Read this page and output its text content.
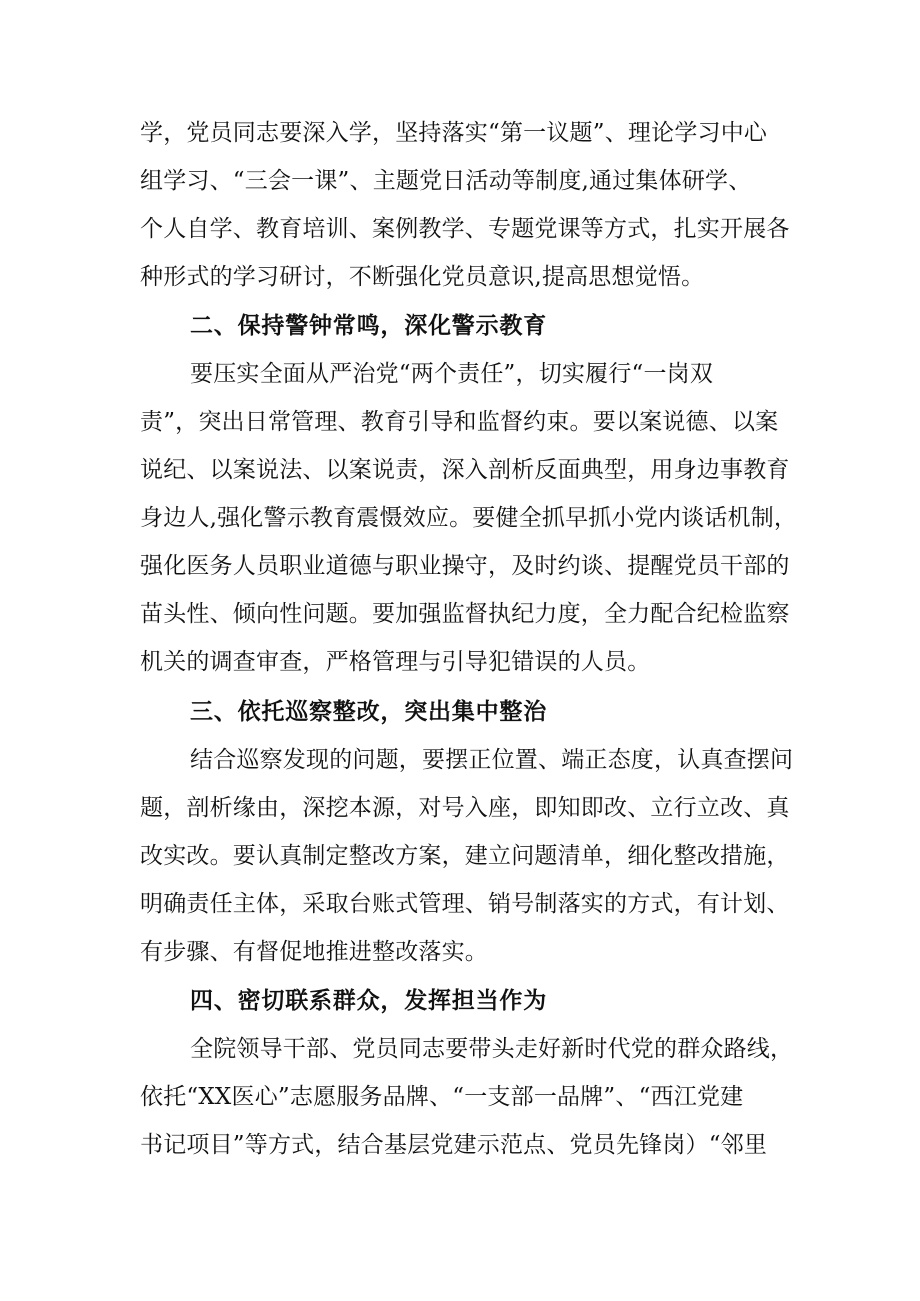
学，党员同志要深入学，坚持落实“第一议题”、理论学习中心
组学习、“三会一课”、主题党日活动等制度,通过集体研学、
个人自学、教育培训、案例教学、专题党课等方式，扎实开展各
种形式的学习研讨，不断强化党员意识,提高思想觉悟。
二、保持警钟常鸣，深化警示教育
要压实全面从严治党“两个责任”，切实履行“一岗双
责”，突出日常管理、教育引导和监督约束。要以案说德、以案
说纪、以案说法、以案说责，深入剖析反面典型，用身边事教育
身边人,强化警示教育震慑效应。要健全抓早抓小党内谈话机制，
强化医务人员职业道德与职业操守，及时约谈、提醒党员干部的
苗头性、倾向性问题。要加强监督执纪力度，全力配合纪检监察
机关的调查审查，严格管理与引导犯错误的人员。
三、依托巡察整改，突出集中整治
结合巡察发现的问题，要摆正位置、端正态度，认真查摆问
题，剖析缘由，深挖本源，对号入座，即知即改、立行立改、真
改实改。要认真制定整改方案，建立问题清单，细化整改措施，
明确责任主体，采取台账式管理、销号制落实的方式，有计划、
有步骤、有督促地推进整改落实。
四、密切联系群众，发挥担当作为
全院领导干部、党员同志要带头走好新时代党的群众路线，
依托“XX医心”志愿服务品牌、“一支部一品牌”、“西江党建
书记项目”等方式，结合基层党建示范点、党员先锋岗）“邻里
